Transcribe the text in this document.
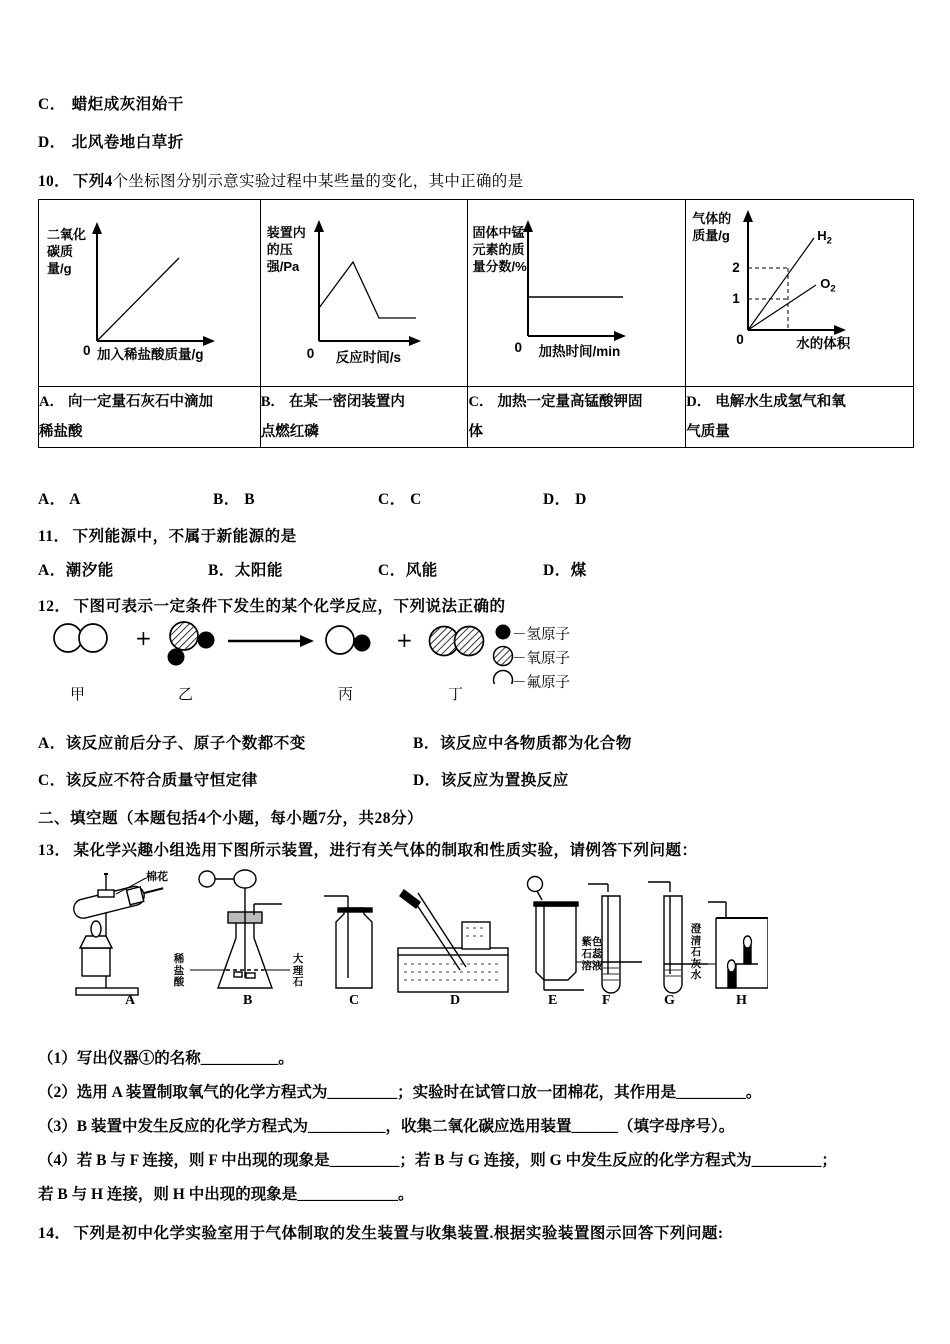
C． 蜡炬成灰泪始干
D． 北风卷地白草折
10． 下列4个坐标图分别示意实验过程中某些量的变化，其中正确的是
二氧化碳质量/g
0 加入稀盐酸质量/g

装置内的压强/Pa
0 反应时间/s

固体中锰元素的质量分数/%
0 加热时间/min

气体的质量/g
2
1
0	水的体积
$H_2$
$O_2$

A． 向一定量石灰石中滴加
稀盐酸

B． 在某一密闭装置内
点燃红磷

C． 加热一定量高锰酸钾固
体

D． 电解水生成氢气和氧
气质量
A． A	B． B	C． C	D． D
11． 下列能源中，不属于新能源的是
A．潮汐能	B．太阳能	C．风能	D．煤
12． 下图可表示一定条件下发生的某个化学反应，下列说法正确的
+	+
甲	乙	丙	丁
－氢原子
－氧原子
－氟原子
A．该反应前后分子、原子个数都不变	B．该反应中各物质都为化合物
C．该反应不符合质量守恒定律	D．该反应为置换反应
二、填空题（本题包括4个小题，每小题7分，共28分）
13． 某化学兴趣小组选用下图所示装置，进行有关气体的制取和性质实验，请例答下列问题：
棉花
稀盐酸
大理石
紫色石蕊溶液
澄清石灰水
A	B	C	D	E	F	G	H
（1）写出仪器①的名称__________。
（2）选用 A 装置制取氧气的化学方程式为_________；实验时在试管口放一团棉花，其作用是_________。
（3）B 装置中发生反应的化学方程式为__________，收集二氧化碳应选用装置______（填字母序号）。
（4）若 B 与 F 连接，则 F 中出现的现象是_________；若 B 与 G 连接，则 G 中发生反应的化学方程式为_________；
若 B 与 H 连接，则 H 中出现的现象是_____________。
14． 下列是初中化学实验室用于气体制取的发生装置与收集装置.根据实验装置图示回答下列问题:
